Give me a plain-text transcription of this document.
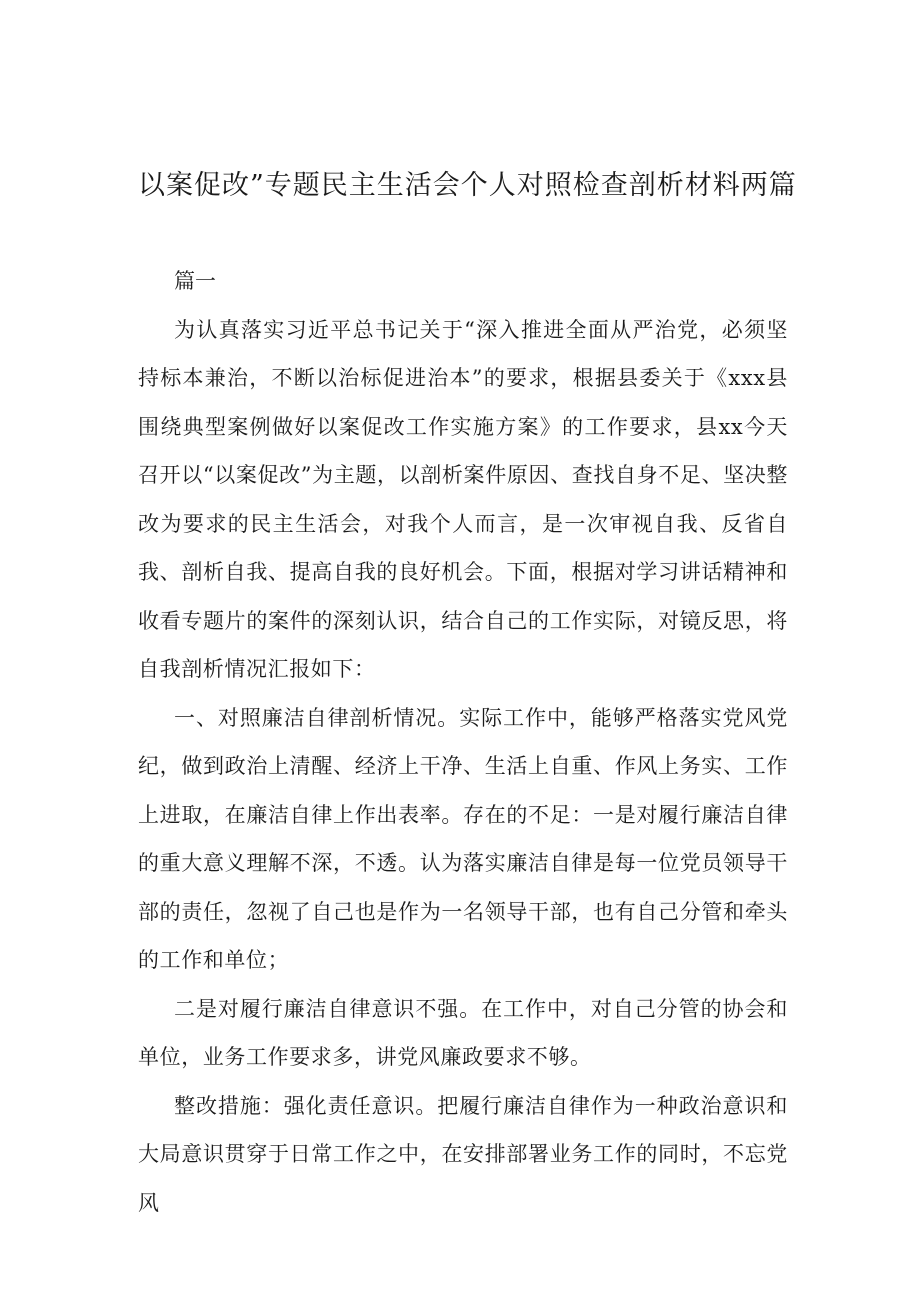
以案促改”专题民主生活会个人对照检查剖析材料两篇

篇一

为认真落实习近平总书记关于“深入推进全面从严治党，必须坚持标本兼治，不断以治标促进治本”的要求，根据县委关于《xxx县围绕典型案例做好以案促改工作实施方案》的工作要求，县xx今天召开以“以案促改”为主题，以剖析案件原因、查找自身不足、坚决整改为要求的民主生活会，对我个人而言，是一次审视自我、反省自我、剖析自我、提高自我的良好机会。下面，根据对学习讲话精神和收看专题片的案件的深刻认识，结合自己的工作实际，对镜反思，将自我剖析情况汇报如下：

一、对照廉洁自律剖析情况。实际工作中，能够严格落实党风党纪，做到政治上清醒、经济上干净、生活上自重、作风上务实、工作上进取，在廉洁自律上作出表率。存在的不足：一是对履行廉洁自律的重大意义理解不深，不透。认为落实廉洁自律是每一位党员领导干部的责任，忽视了自己也是作为一名领导干部，也有自己分管和牵头的工作和单位；

二是对履行廉洁自律意识不强。在工作中，对自己分管的协会和单位，业务工作要求多，讲党风廉政要求不够。

整改措施：强化责任意识。把履行廉洁自律作为一种政治意识和大局意识贯穿于日常工作之中，在安排部署业务工作的同时，不忘党风
